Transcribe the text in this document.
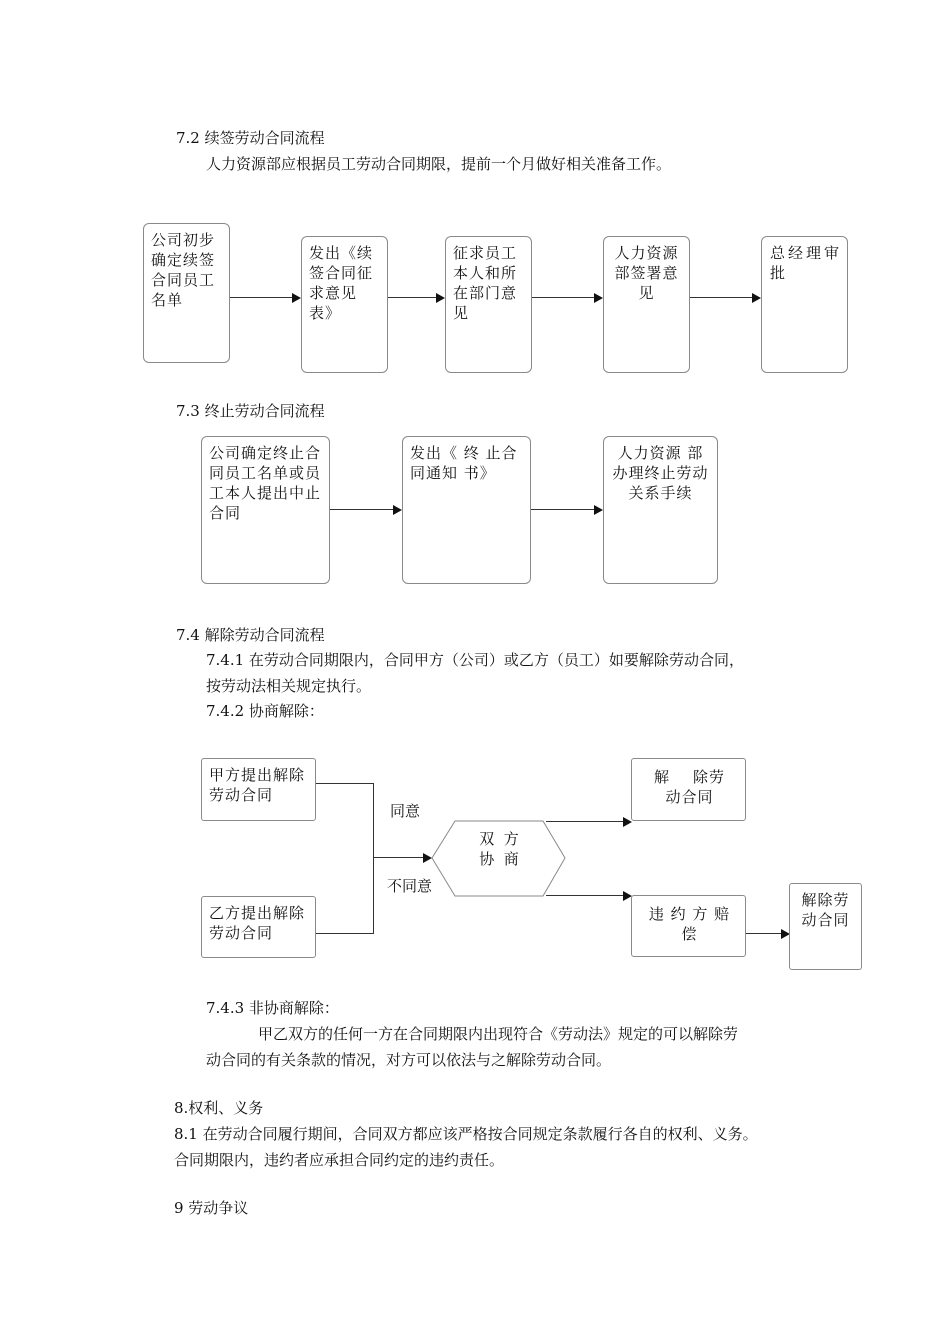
7.2 续签劳动合同流程
人力资源部应根据员工劳动合同期限，提前一个月做好相关准备工作。
公司初步确定续签合同员工名单
发出《续签合同征求意见表》
征求员工本人和所在部门意见
人力资源部签署意见
总经理审批
7.3 终止劳动合同流程
公司确定终止合同员工名单或员工本人提出中止合同
发出《 终 止合同通知 书》
人力资源 部办理终止劳动关系手续
7.4 解除劳动合同流程
7.4.1 在劳动合同期限内，合同甲方（公司）或乙方（员工）如要解除劳动合同，
按劳动法相关规定执行。
7.4.2 协商解除：
甲方提出解除劳动合同
乙方提出解除劳动合同
同意
不同意
双  方
协  商
解    除劳
动合同
违 约 方 赔
偿
解除劳动合同
7.4.3 非协商解除：
甲乙双方的任何一方在合同期限内出现符合《劳动法》规定的可以解除劳
动合同的有关条款的情况，对方可以依法与之解除劳动合同。
8.权利、义务
8.1 在劳动合同履行期间，合同双方都应该严格按合同规定条款履行各自的权利、义务。
合同期限内，违约者应承担合同约定的违约责任。
9 劳动争议
